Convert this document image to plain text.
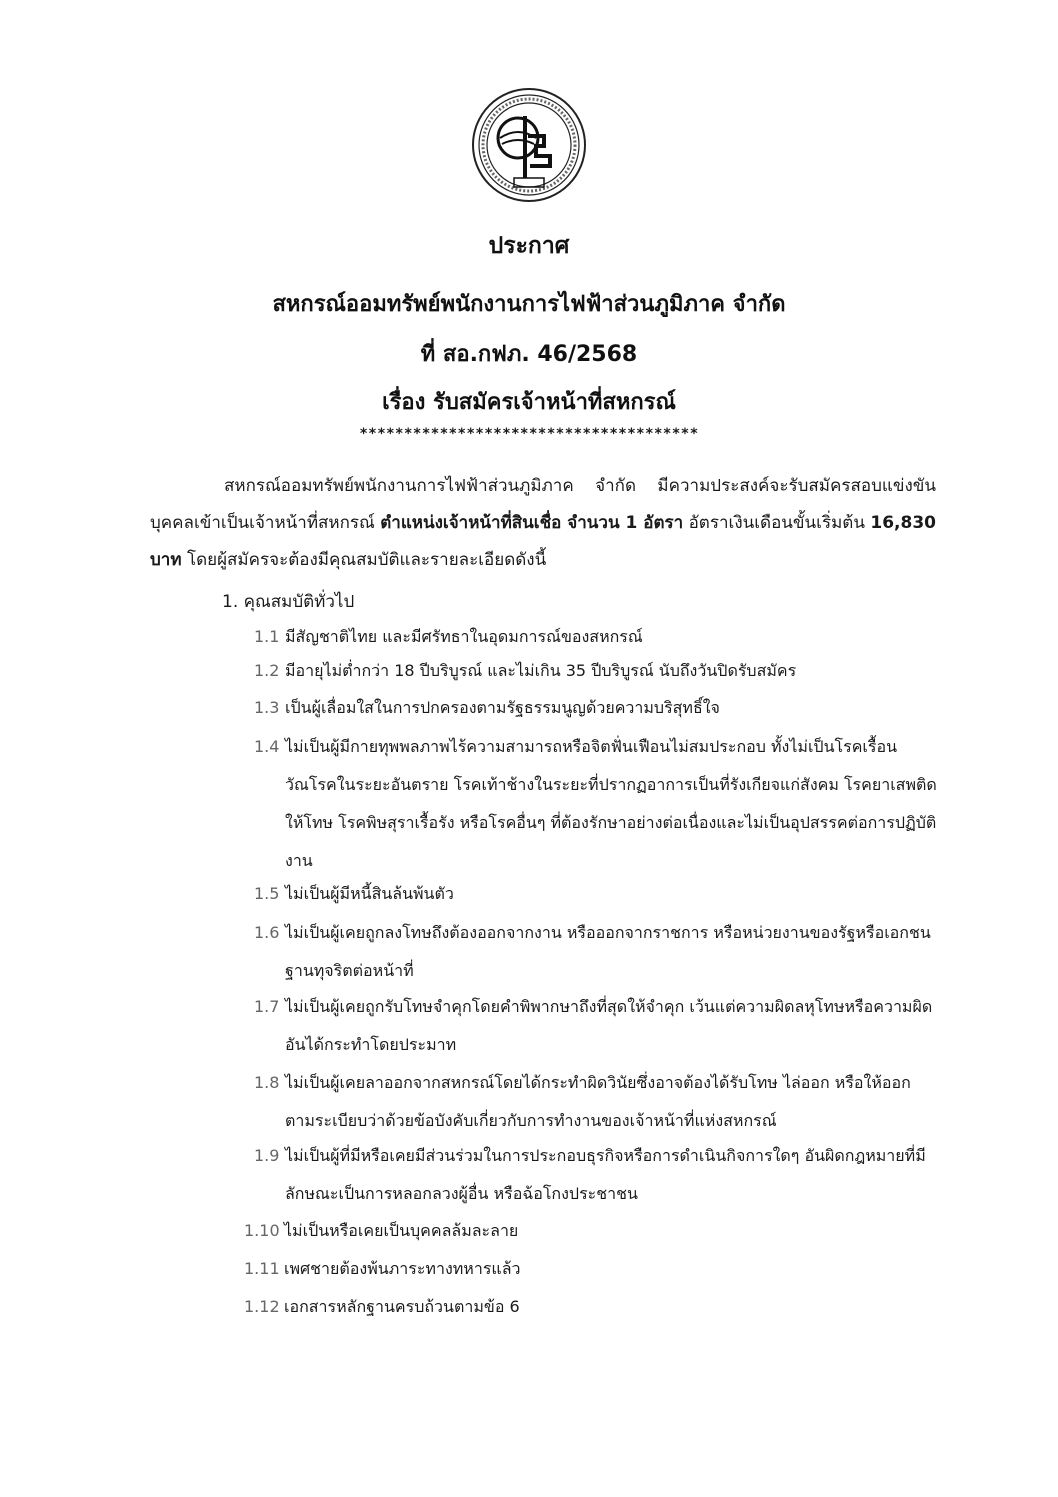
ประกาศ
สหกรณ์ออมทรัพย์พนักงานการไฟฟ้าส่วนภูมิภาค จำกัด
ที่ สอ.กฟภ. 46/2568
เรื่อง รับสมัครเจ้าหน้าที่สหกรณ์
**************************************
สหกรณ์ออมทรัพย์พนักงานการไฟฟ้าส่วนภูมิภาค จำกัด มีความประสงค์จะรับสมัครสอบแข่งขันบุคคลเข้าเป็นเจ้าหน้าที่สหกรณ์ ตำแหน่งเจ้าหน้าที่สินเชื่อ จำนวน 1 อัตรา อัตราเงินเดือนขั้นเริ่มต้น 16,830 บาท โดยผู้สมัครจะต้องมีคุณสมบัติและรายละเอียดดังนี้
1. คุณสมบัติทั่วไป
1.1 มีสัญชาติไทย และมีศรัทธาในอุดมการณ์ของสหกรณ์
1.2 มีอายุไม่ต่ำกว่า 18 ปีบริบูรณ์ และไม่เกิน 35 ปีบริบูรณ์ นับถึงวันปิดรับสมัคร
1.3 เป็นผู้เลื่อมใสในการปกครองตามรัฐธรรมนูญด้วยความบริสุทธิ์ใจ
1.4 ไม่เป็นผู้มีกายทุพพลภาพไร้ความสามารถหรือจิตฟั่นเฟือนไม่สมประกอบ ทั้งไม่เป็นโรคเรื้อน วัณโรคในระยะอันตราย โรคเท้าช้างในระยะที่ปรากฏอาการเป็นที่รังเกียจแก่สังคม โรคยาเสพติดให้โทษ โรคพิษสุราเรื้อรัง หรือโรคอื่นๆ ที่ต้องรักษาอย่างต่อเนื่องและไม่เป็นอุปสรรคต่อการปฏิบัติงาน
1.5 ไม่เป็นผู้มีหนี้สินล้นพ้นตัว
1.6 ไม่เป็นผู้เคยถูกลงโทษถึงต้องออกจากงาน หรือออกจากราชการ หรือหน่วยงานของรัฐหรือเอกชนฐานทุจริตต่อหน้าที่
1.7 ไม่เป็นผู้เคยถูกรับโทษจำคุกโดยคำพิพากษาถึงที่สุดให้จำคุก เว้นแต่ความผิดลหุโทษหรือความผิดอันได้กระทำโดยประมาท
1.8 ไม่เป็นผู้เคยลาออกจากสหกรณ์โดยได้กระทำผิดวินัยซึ่งอาจต้องได้รับโทษ ไล่ออก หรือให้ออกตามระเบียบว่าด้วยข้อบังคับเกี่ยวกับการทำงานของเจ้าหน้าที่แห่งสหกรณ์
1.9 ไม่เป็นผู้ที่มีหรือเคยมีส่วนร่วมในการประกอบธุรกิจหรือการดำเนินกิจการใดๆ อันผิดกฎหมายที่มีลักษณะเป็นการหลอกลวงผู้อื่น หรือฉ้อโกงประชาชน
1.10 ไม่เป็นหรือเคยเป็นบุคคลล้มละลาย
1.11 เพศชายต้องพ้นภาระทางทหารแล้ว
1.12 เอกสารหลักฐานครบถ้วนตามข้อ 6
